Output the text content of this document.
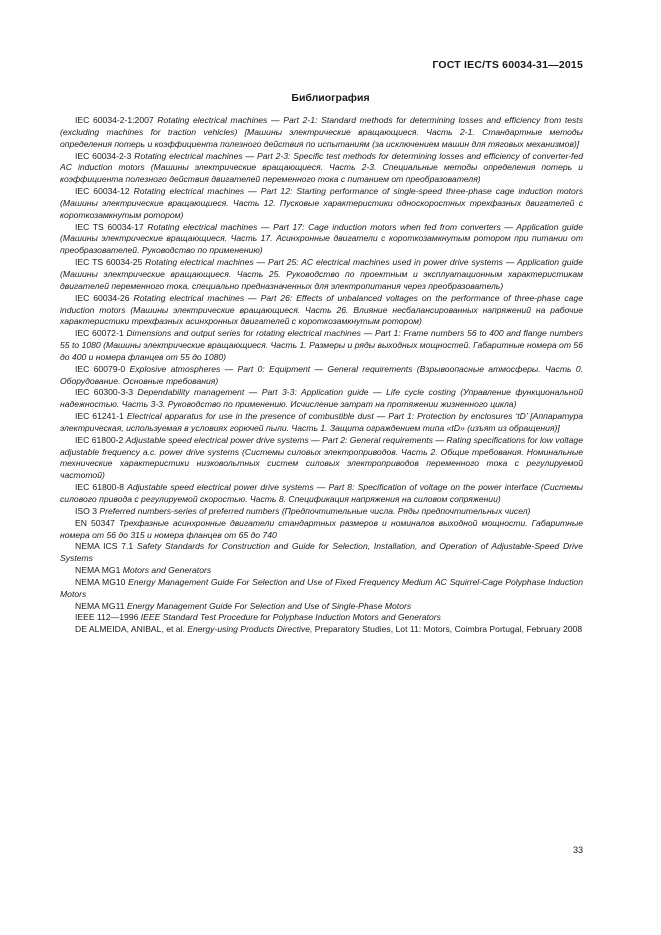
ГОСТ IEC/TS 60034-31—2015
Библиография

IEC 60034-2-1:2007 Rotating electrical machines — Part 2-1: Standard methods for determining losses and efficiency from tests (excluding machines for traction vehicles) [Машины электрические вращающиеся. Часть 2-1. Стандартные методы определения потерь и коэффициента полезного действия по испытаниям (за исключением машин для тяговых механизмов)]

IEC 60034-2-3 Rotating electrical machines — Part 2-3: Specific test methods for determining losses and efficiency of converter-fed AC induction motors (Машины электрические вращающиеся. Часть 2-3. Специальные методы определения потерь и коэффициента полезного действия двигателей переменного тока с питанием от преобразователя)

IEC 60034-12 Rotating electrical machines — Part 12: Starting performance of single-speed three-phase cage induction motors (Машины электрические вращающиеся. Часть 12. Пусковые характеристики односкоростных трехфазных двигателей с короткозамкнутым ротором)

IEC TS 60034-17 Rotating electrical machines — Part 17: Cage induction motors when fed from converters — Application guide (Машины электрические вращающиеся. Часть 17. Асинхронные двигатели с короткозамкнутым ротором при питании от преобразователей. Руководство по применению)

IEC TS 60034-25 Rotating electrical machines — Part 25: AC electrical machines used in power drive systems — Application guide (Машины электрические вращающиеся. Часть 25. Руководство по проектным и эксплуатационным характеристикам двигателей переменного тока, специально предназначенных для электропитания через преобразователь)

IEC 60034-26 Rotating electrical machines — Part 26: Effects of unbalanced voltages on the performance of three-phase cage induction motors (Машины электрические вращающиеся. Часть 26. Влияние несбалансированных напряжений на рабочие характеристики трехфазных асинхронных двигателей с короткозамкнутым ротором)

IEC 60072-1 Dimensions and output series for rotating electrical machines — Part 1: Frame numbers 56 to 400 and flange numbers 55 to 1080 (Машины электрические вращающиеся. Часть 1. Размеры и ряды выходных мощностей. Габаритные номера от 56 до 400 и номера фланцев от 55 до 1080)

IEC 60079-0 Explosive atmospheres — Part 0: Equipment — General requirements (Взрывоопасные атмосферы. Часть 0. Оборудование. Основные требования)

IEC 60300-3-3 Dependability management — Part 3-3: Application guide — Life cycle costing (Управление функциональной надежностью. Часть 3-3. Руководство по применению. Исчисление затрат на протяжении жизненного цикла)

IEC 61241-1 Electrical apparatus for use in the presence of combustible dust — Part 1: Protection by enclosures ‘tD’ [Аппаратура электрическая, используемая в условиях горючей пыли. Часть 1. Защита ограждением типа «tD» (изъят из обращения)]

IEC 61800-2 Adjustable speed electrical power drive systems — Part 2: General requirements — Rating specifications for low voltage adjustable frequency a.c. power drive systems (Системы силовых электроприводов. Часть 2. Общие требования. Номинальные технические характеристики низковольтных систем силовых электроприводов переменного тока с регулируемой частотой)

IEC 61800-8 Adjustable speed electrical power drive systems — Part 8: Specification of voltage on the power interface (Системы силового привода с регулируемой скоростью. Часть 8. Спецификация напряжения на силовом сопряжении)

ISO 3 Preferred numbers-series of preferred numbers (Предпочтительные числа. Ряды предпочтительных чисел)

EN 50347 Трехфазные асинхронные двигатели стандартных размеров и номиналов выходной мощности. Габаритные номера от 56 до 315 и номера фланцев от 65 до 740

NEMA ICS 7.1 Safety Standards for Construction and Guide for Selection, Installation, and Operation of Adjustable-Speed Drive Systems

NEMA MG1 Motors and Generators

NEMA MG10 Energy Management Guide For Selection and Use of Fixed Frequency Medium AC Squirrel-Cage Polyphase Induction Motors

NEMA MG11 Energy Management Guide For Selection and Use of Single-Phase Motors

IEEE 112—1996 IEEE Standard Test Procedure for Polyphase Induction Motors and Generators

DE ALMEIDA, ANIBAL, et al. Energy-using Products Directive, Preparatory Studies, Lot 11: Motors, Coimbra Portugal, February 2008

33
